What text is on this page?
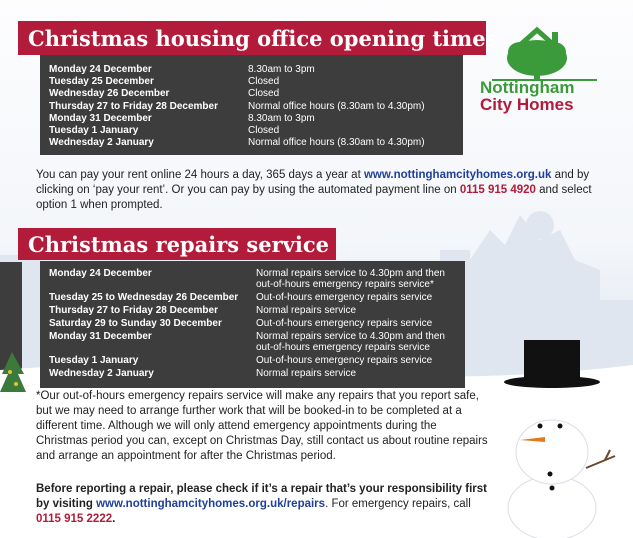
Nottingham
City Homes
Christmas housing office opening times
Monday 24 December	8.30am to 3pm
Tuesday 25 December	Closed
Wednesday 26 December	Closed
Thursday 27 to Friday 28 December	Normal office hours (8.30am to 4.30pm)
Monday 31 December	8.30am to 3pm
Tuesday 1 January	Closed
Wednesday 2 January	Normal office hours (8.30am to 4.30pm)
You can pay your rent online 24 hours a day, 365 days a year at www.nottinghamcityhomes.org.uk and by clicking on ‘pay your rent’. Or you can pay by using the automated payment line on 0115 915 4920 and select option 1 when prompted.
Christmas repairs service
Monday 24 December	Normal repairs service to 4.30pm and then out-of-hours emergency repairs service*
Tuesday 25 to Wednesday 26 December	Out-of-hours emergency repairs service
Thursday 27 to Friday 28 December	Normal repairs service
Saturday 29 to Sunday 30 December	Out-of-hours emergency repairs service
Monday 31 December	Normal repairs service to 4.30pm and then out-of-hours emergency repairs service
Tuesday 1 January	Out-of-hours emergency repairs service
Wednesday 2 January	Normal repairs service
*Our out-of-hours emergency repairs service will make any repairs that you report safe, but we may need to arrange further work that will be booked-in to be completed at a different time. Although we will only attend emergency appointments during the Christmas period you can, except on Christmas Day, still contact us about routine repairs and arrange an appointment for after the Christmas period.
Before reporting a repair, please check if it’s a repair that’s your responsibility first by visiting www.nottinghamcityhomes.org.uk/repairs. For emergency repairs, call 0115 915 2222.
